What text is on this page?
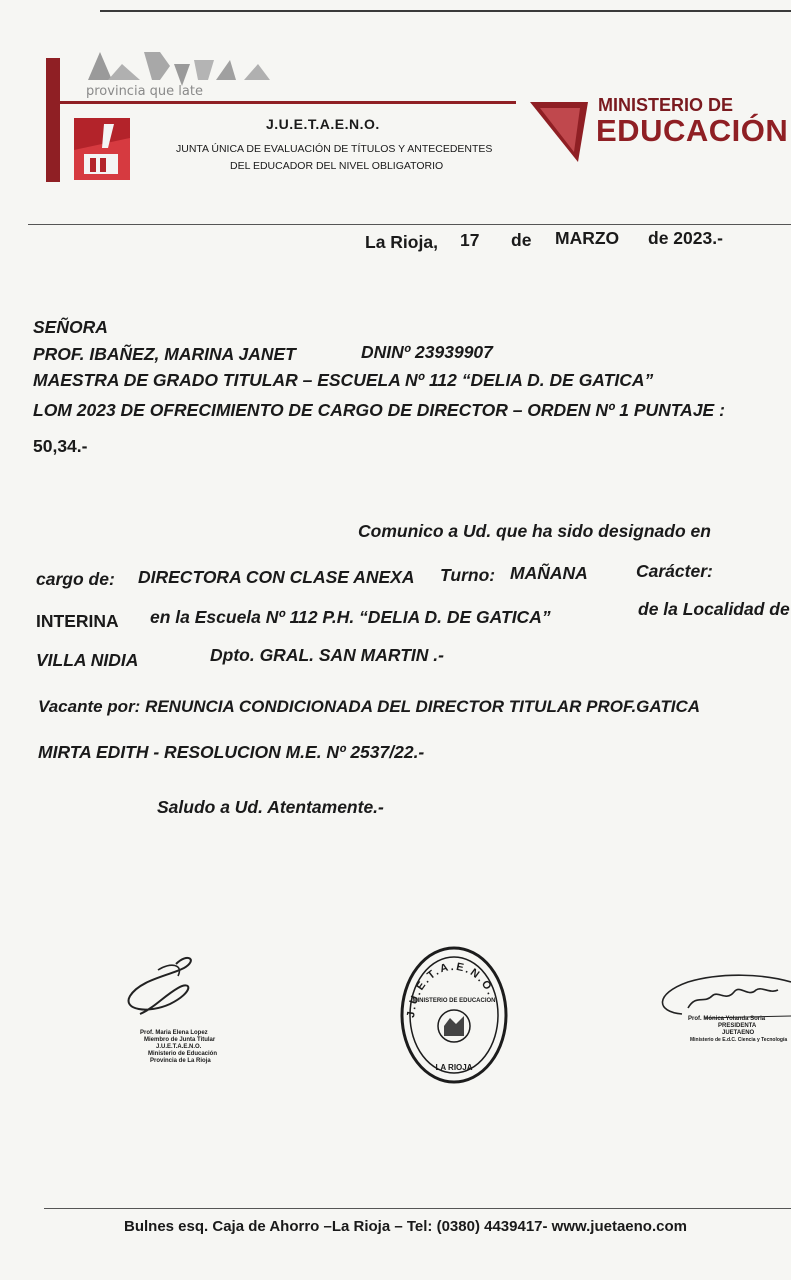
provincia que late
J.U.E.T.A.E.N.O.
JUNTA ÚNICA DE EVALUACIÓN DE TÍTULOS Y ANTECEDENTES
DEL EDUCADOR DEL NIVEL OBLIGATORIO
MINISTERIO DE
EDUCACIÓN
La Rioja, 17 de MARZO de 2023.-
SEÑORA
PROF. IBAÑEZ, MARINA JANET	DNINº 23939907
MAESTRA DE GRADO TITULAR – ESCUELA Nº 112 “DELIA D. DE GATICA”
LOM 2023 DE OFRECIMIENTO DE CARGO DE DIRECTOR – ORDEN Nº 1 PUNTAJE :
50,34.-
Comunico a Ud. que ha sido designado en
cargo de: DIRECTORA CON CLASE ANEXA Turno: MAÑANA	Carácter:
INTERINA en la Escuela Nº 112 P.H. “DELIA D. DE GATICA”	de la Localidad de
VILLA NIDIA	Dpto. GRAL. SAN MARTIN .-
Vacante por: RENUNCIA CONDICIONADA DEL DIRECTOR TITULAR PROF.GATICA
MIRTA EDITH - RESOLUCION M.E. Nº 2537/22.-
Saludo a Ud. Atentamente.-
Prof. Maria Elena Lopez
Miembro de Junta Titular
J.U.E.T.A.E.N.O.
Ministerio de Educación
Provincia de La Rioja
J.U.E.T.A.E.N.O.
MINISTERIO DE EDUCACION
LA RIOJA
Prof. Mónica Yolanda Soria
PRESIDENTA
JUETAENO
Ministerio de E.d.C. Ciencia y Tecnología
Bulnes esq. Caja de Ahorro –La Rioja – Tel: (0380) 4439417- www.juetaeno.com
